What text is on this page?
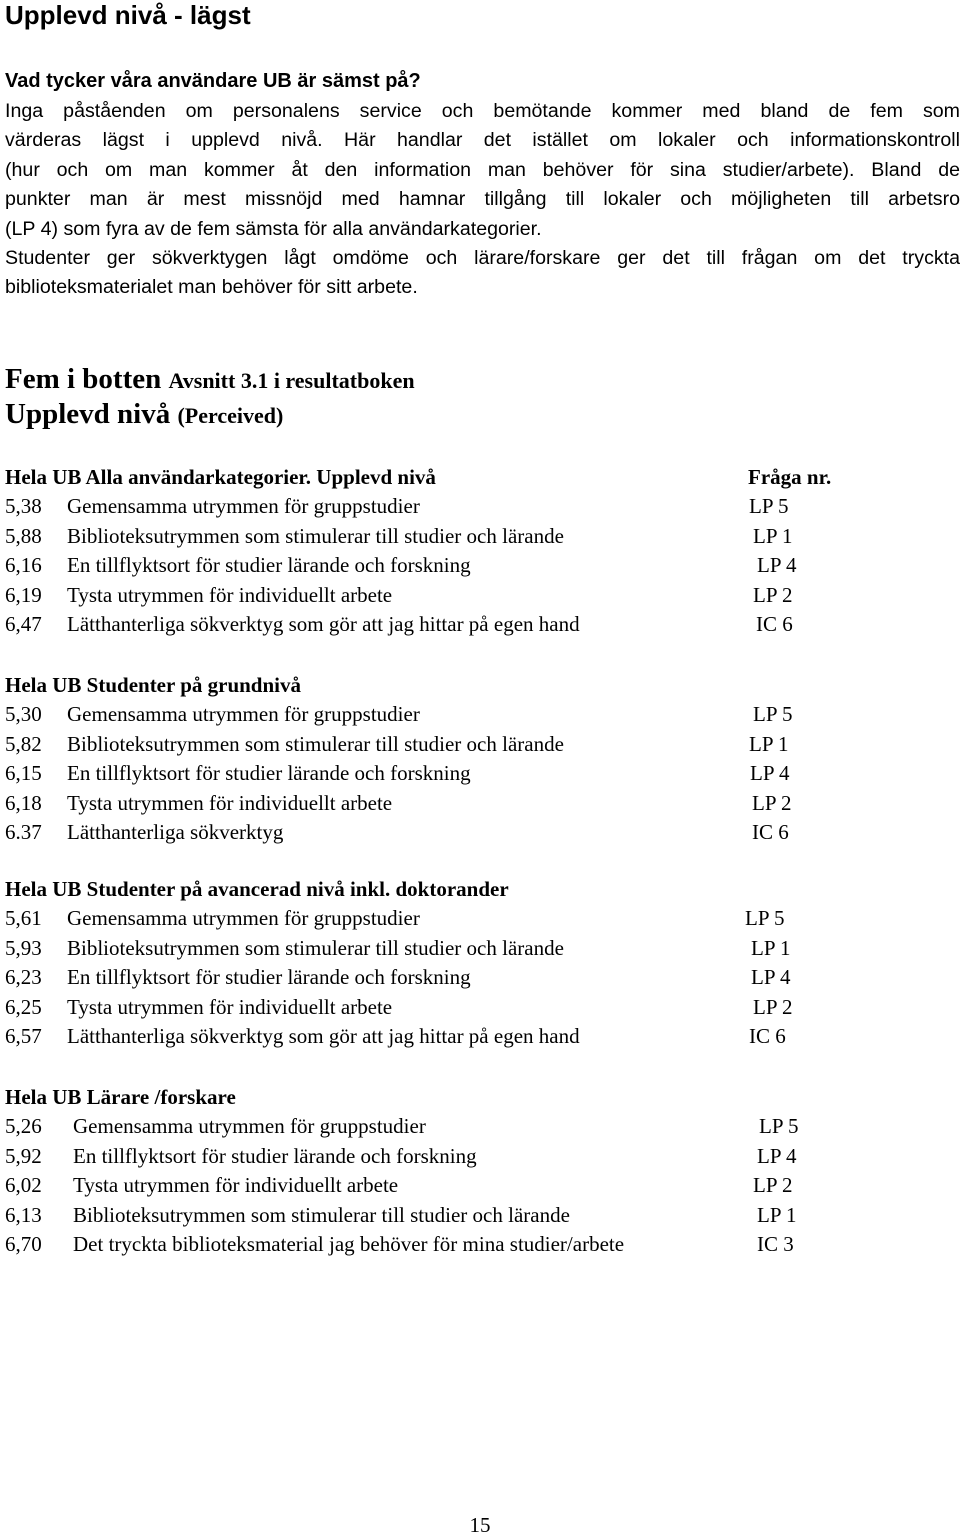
Upplevd nivå - lägst
Vad tycker våra användare UB är sämst på?
Inga påståenden om personalens service och bemötande kommer med bland de fem som
värderas lägst i upplevd nivå. Här handlar det istället om lokaler och informationskontroll
(hur och om man kommer åt den information man behöver för sina studier/arbete). Bland de
punkter man är mest missnöjd med hamnar tillgång till lokaler och möjligheten till arbetsro
(LP 4) som fyra av de fem sämsta för alla användarkategorier.
Studenter ger sökverktygen lågt omdöme och lärare/forskare ger det till frågan om det tryckta
biblioteksmaterialet man behöver för sitt arbete.
Fem i botten Avsnitt 3.1 i resultatboken
Upplevd nivå (Perceived)
Hela UB Alla användarkategorier. Upplevd nivå	Fråga nr.
5,38 Gemensamma utrymmen för gruppstudier	LP 5
5,88 Biblioteksutrymmen som stimulerar till studier och lärande	LP 1
6,16 En tillflyktsort för studier lärande och forskning	LP 4
6,19 Tysta utrymmen för individuellt arbete	LP 2
6,47 Lätthanterliga sökverktyg som gör att jag hittar på egen hand	IC 6
Hela UB Studenter på grundnivå
5,30 Gemensamma utrymmen för gruppstudier	LP 5
5,82 Biblioteksutrymmen som stimulerar till studier och lärande	LP 1
6,15 En tillflyktsort för studier lärande och forskning	LP 4
6,18 Tysta utrymmen för individuellt arbete	LP 2
6.37 Lätthanterliga sökverktyg	IC 6
Hela UB Studenter på avancerad nivå inkl. doktorander
5,61 Gemensamma utrymmen för gruppstudier	LP 5
5,93 Biblioteksutrymmen som stimulerar till studier och lärande	LP 1
6,23 En tillflyktsort för studier lärande och forskning	LP 4
6,25 Tysta utrymmen för individuellt arbete	LP 2
6,57 Lätthanterliga sökverktyg som gör att jag hittar på egen hand	IC 6
Hela UB Lärare /forskare
5,26 Gemensamma utrymmen för gruppstudier	LP 5
5,92 En tillflyktsort för studier lärande och forskning	LP 4
6,02 Tysta utrymmen för individuellt arbete	LP 2
6,13 Biblioteksutrymmen som stimulerar till studier och lärande	LP 1
6,70 Det tryckta biblioteksmaterial jag behöver för mina studier/arbete	IC 3
15
